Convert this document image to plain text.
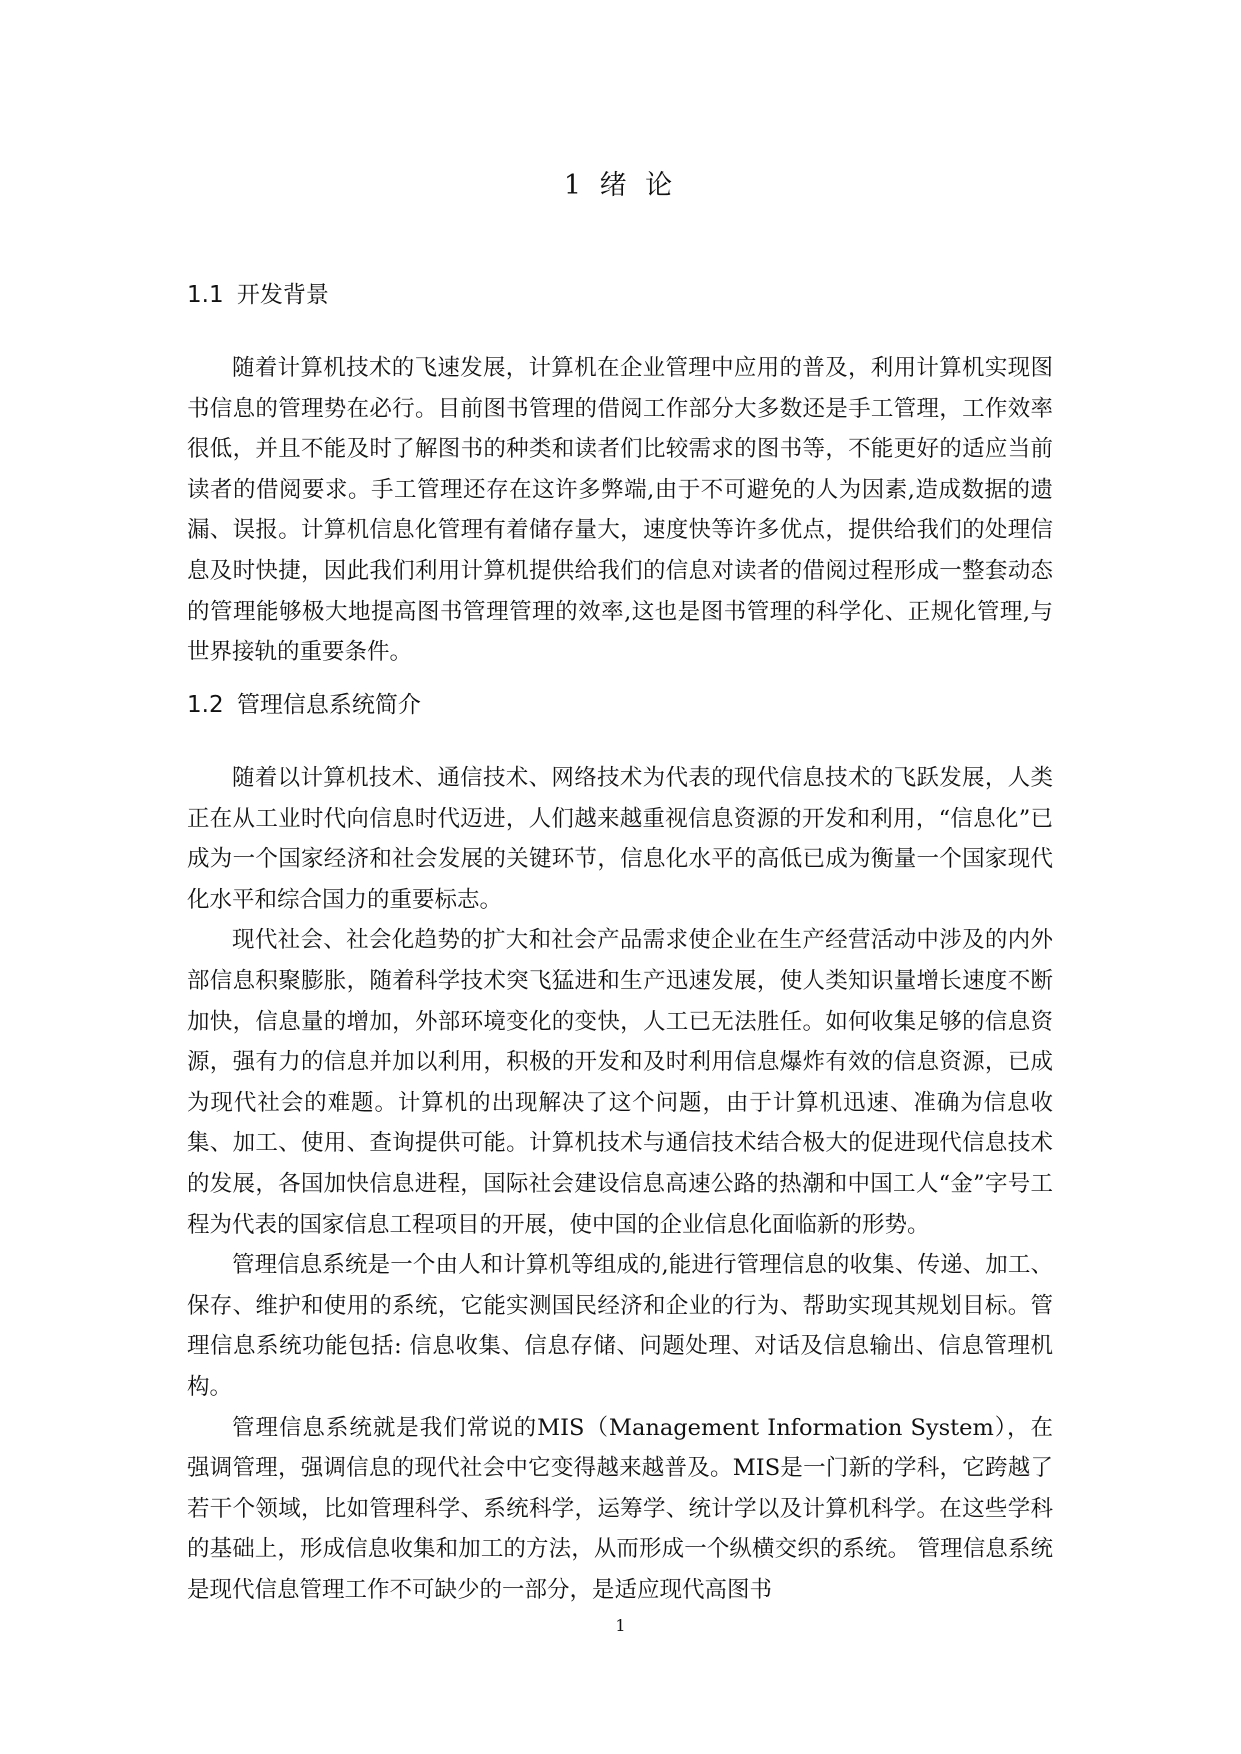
1 绪 论
1.1 开发背景

随着计算机技术的飞速发展，计算机在企业管理中应用的普及，利用计算机实现图书信息的管理势在必行。目前图书管理的借阅工作部分大多数还是手工管理，工作效率很低，并且不能及时了解图书的种类和读者们比较需求的图书等，不能更好的适应当前读者的借阅要求。手工管理还存在这许多弊端,由于不可避免的人为因素,造成数据的遗漏、误报。计算机信息化管理有着储存量大，速度快等许多优点，提供给我们的处理信息及时快捷，因此我们利用计算机提供给我们的信息对读者的借阅过程形成一整套动态的管理能够极大地提高图书管理管理的效率,这也是图书管理的科学化、正规化管理,与世界接轨的重要条件。

1.2 管理信息系统简介

随着以计算机技术、通信技术、网络技术为代表的现代信息技术的飞跃发展，人类正在从工业时代向信息时代迈进，人们越来越重视信息资源的开发和利用，“信息化”已成为一个国家经济和社会发展的关键环节，信息化水平的高低已成为衡量一个国家现代化水平和综合国力的重要标志。

现代社会、社会化趋势的扩大和社会产品需求使企业在生产经营活动中涉及的内外部信息积聚膨胀，随着科学技术突飞猛进和生产迅速发展，使人类知识量增长速度不断加快，信息量的增加，外部环境变化的变快，人工已无法胜任。如何收集足够的信息资源，强有力的信息并加以利用，积极的开发和及时利用信息爆炸有效的信息资源，已成为现代社会的难题。计算机的出现解决了这个问题，由于计算机迅速、准确为信息收集、加工、使用、查询提供可能。计算机技术与通信技术结合极大的促进现代信息技术的发展，各国加快信息进程，国际社会建设信息高速公路的热潮和中国工人“金”字号工程为代表的国家信息工程项目的开展，使中国的企业信息化面临新的形势。

管理信息系统是一个由人和计算机等组成的,能进行管理信息的收集、传递、加工、保存、维护和使用的系统，它能实测国民经济和企业的行为、帮助实现其规划目标。管理信息系统功能包括: 信息收集、信息存储、问题处理、对话及信息输出、信息管理机构。

管理信息系统就是我们常说的MIS（Management Information System），在强调管理，强调信息的现代社会中它变得越来越普及。MIS是一门新的学科，它跨越了若干个领域，比如管理科学、系统科学，运筹学、统计学以及计算机科学。在这些学科的基础上，形成信息收集和加工的方法，从而形成一个纵横交织的系统。 管理信息系统是现代信息管理工作不可缺少的一部分，是适应现代高图书

1
